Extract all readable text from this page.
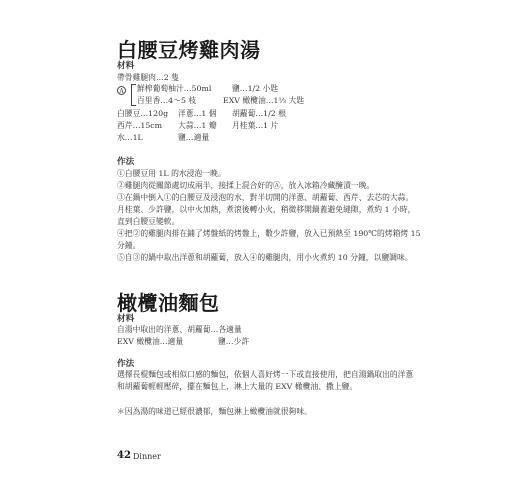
白腰豆烤雞肉湯
材料
帶骨雞腿肉…2 隻
A 鮮榨葡萄柚汁…50ml
百里香…4～5 枝
鹽…1/2 小匙
EXV 橄欖油…1⅓ 大匙
白腰豆…120g 洋蔥…1 個 胡蘿蔔…1/2 根
西芹…15cm 大蒜…1 瓣 月桂葉…1 片
水…1L	鹽…適量
作法
①白腰豆用 1L 的水浸泡一晚。
②雞腿肉從關節處切成兩半，接揉上混合好的Ⓐ，放入冰箱冷藏醃漬一晚。
③在鍋中倒入①的白腰豆及浸泡的水，對半切開的洋蔥、胡蘿蔔、西芹、去芯的大蒜。
月桂葉、少許鹽，以中火加熱，煮滾後轉小火，稍微移開鍋蓋避免縫隙，煮約 1 小時，
直到白腰豆變軟。
④把②的雞腿肉排在鋪了烤盤紙的烤盤上，數少許鹽，放入已預熱至 190℃的烤箱烤 15
分鐘。
⑤自③的鍋中取出洋蔥和胡蘿蔔，放入④的雞腿肉，用小火煮約 10 分鐘，以鹽調味。
橄欖油麵包
材料
自湯中取出的洋蔥、胡蘿蔔…各適量
EXV 橄欖油…適量	鹽…少許
作法
選擇長棍麵包或相似口感的麵包，依個人喜好烤一下或直接使用，把自湯鍋取出的洋蔥
和胡蘿蔔輕輕壓碎，擺在麵包上，淋上大量的 EXV 橄欖油、撒上鹽。
＊因為湯的味道已經很濃郁，麵包淋上橄欖油就很夠味。
42 Dinner
